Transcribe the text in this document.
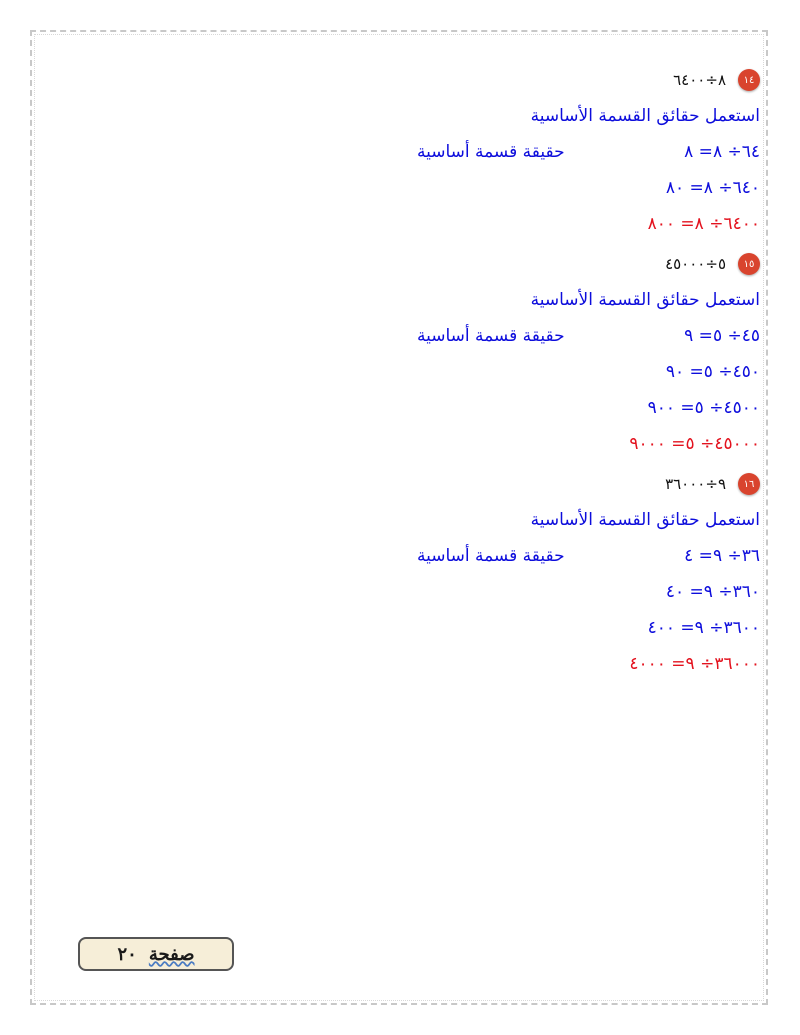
١٤
٨÷٦٤٠٠
استعمل حقائق القسمة الأساسية
٦٤÷ ٨= ٨ حقيقة قسمة أساسية
٦٤٠÷ ٨= ٨٠
٦٤٠٠÷ ٨= ٨٠٠
١٥
٥÷٤٥٠٠٠
استعمل حقائق القسمة الأساسية
٤٥÷ ٥= ٩ حقيقة قسمة أساسية
٤٥٠÷ ٥= ٩٠
٤٥٠٠÷ ٥= ٩٠٠
٤٥٠٠٠÷ ٥= ٩٠٠٠
١٦
٩÷٣٦٠٠٠
استعمل حقائق القسمة الأساسية
٣٦÷ ٩= ٤ حقيقة قسمة أساسية
٣٦٠÷ ٩= ٤٠
٣٦٠٠÷ ٩= ٤٠٠
٣٦٠٠٠÷ ٩= ٤٠٠٠
صفحة
٢٠
